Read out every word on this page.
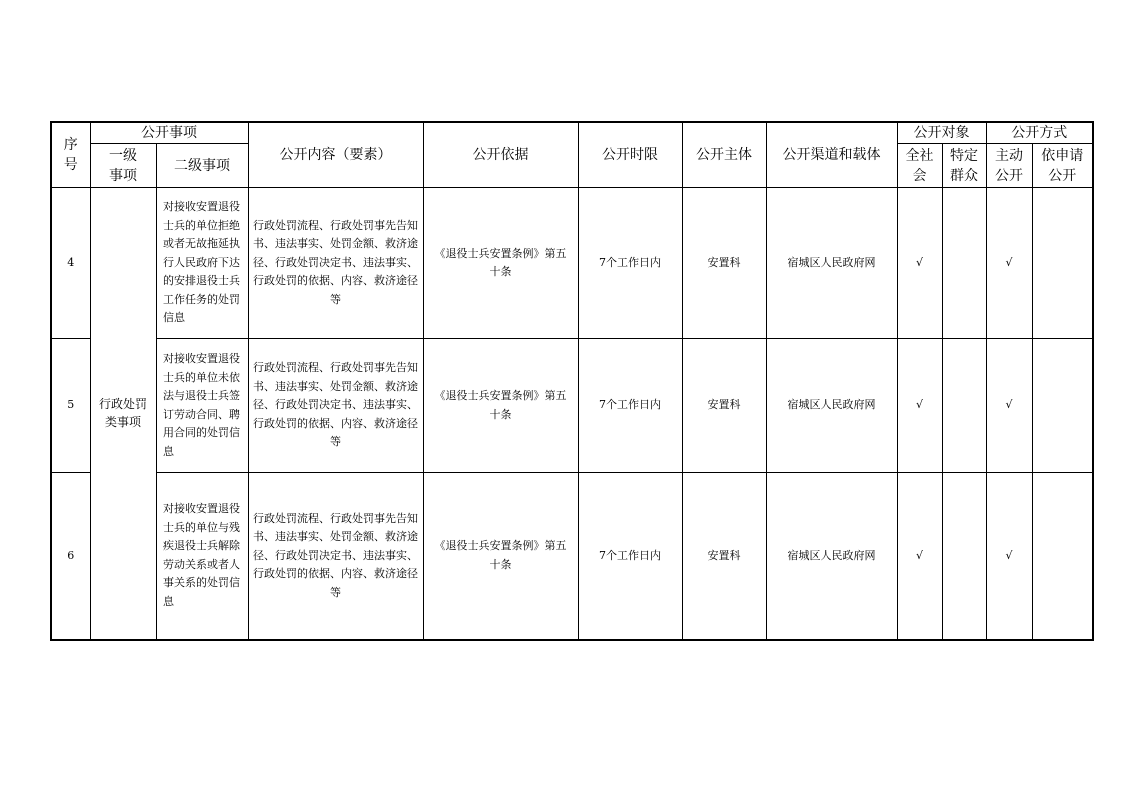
序号	公开事项		公开内容（要素）	公开依据	公开时限	公开主体	公开渠道和载体	公开对象		公开方式	

	一级事项	二级事项						全社会	特定群众	主动公开	依申请公开

4	行政处罚类事项	对接收安置退役士兵的单位拒绝或者无故拖延执行人民政府下达的安排退役士兵工作任务的处罚信息	行政处罚流程、行政处罚事先告知书、违法事实、处罚金额、救济途径、行政处罚决定书、违法事实、行政处罚的依据、内容、救济途径等	《退役士兵安置条例》第五十条	7个工作日内	安置科	宿城区人民政府网	√		√	
5		对接收安置退役士兵的单位未依法与退役士兵签订劳动合同、聘用合同的处罚信息	行政处罚流程、行政处罚事先告知书、违法事实、处罚金额、救济途径、行政处罚决定书、违法事实、行政处罚的依据、内容、救济途径等	《退役士兵安置条例》第五十条	7个工作日内	安置科	宿城区人民政府网	√		√	
6		对接收安置退役士兵的单位与残疾退役士兵解除劳动关系或者人事关系的处罚信息	行政处罚流程、行政处罚事先告知书、违法事实、处罚金额、救济途径、行政处罚决定书、违法事实、行政处罚的依据、内容、救济途径等	《退役士兵安置条例》第五十条	7个工作日内	安置科	宿城区人民政府网	√		√	
